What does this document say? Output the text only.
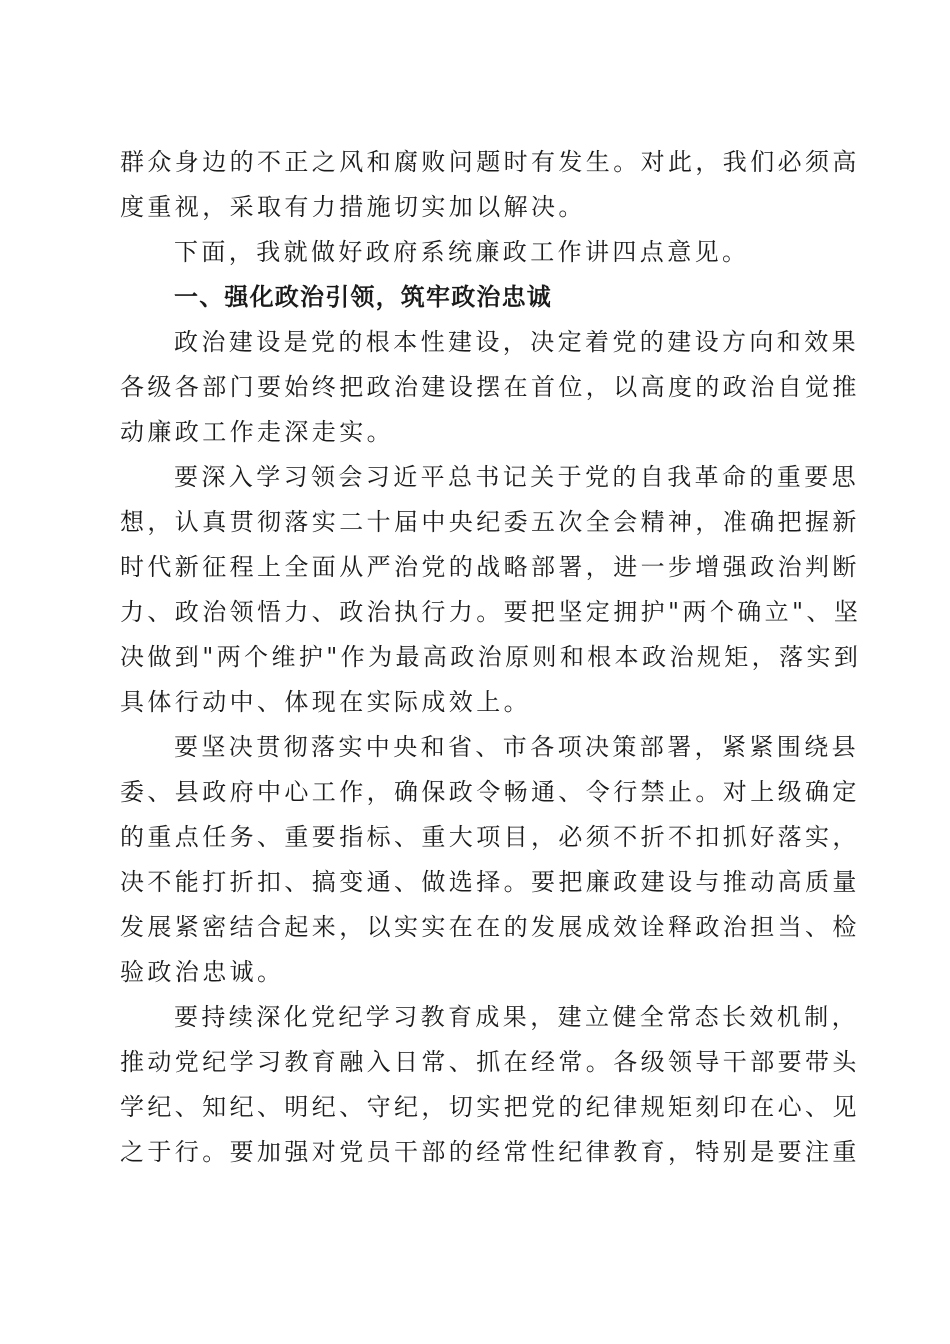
群众身边的不正之风和腐败问题时有发生。对此，我们必须高
度重视，采取有力措施切实加以解决。
下面，我就做好政府系统廉政工作讲四点意见。
一、强化政治引领，筑牢政治忠诚
政治建设是党的根本性建设，决定着党的建设方向和效果
各级各部门要始终把政治建设摆在首位，以高度的政治自觉推
动廉政工作走深走实。
要深入学习领会习近平总书记关于党的自我革命的重要思
想，认真贯彻落实二十届中央纪委五次全会精神，准确把握新
时代新征程上全面从严治党的战略部署，进一步增强政治判断
力、政治领悟力、政治执行力。要把坚定拥护"两个确立"、坚
决做到"两个维护"作为最高政治原则和根本政治规矩，落实到
具体行动中、体现在实际成效上。
要坚决贯彻落实中央和省、市各项决策部署，紧紧围绕县
委、县政府中心工作，确保政令畅通、令行禁止。对上级确定
的重点任务、重要指标、重大项目，必须不折不扣抓好落实，
决不能打折扣、搞变通、做选择。要把廉政建设与推动高质量
发展紧密结合起来，以实实在在的发展成效诠释政治担当、检
验政治忠诚。
要持续深化党纪学习教育成果，建立健全常态长效机制，
推动党纪学习教育融入日常、抓在经常。各级领导干部要带头
学纪、知纪、明纪、守纪，切实把党的纪律规矩刻印在心、见
之于行。要加强对党员干部的经常性纪律教育，特别是要注重
